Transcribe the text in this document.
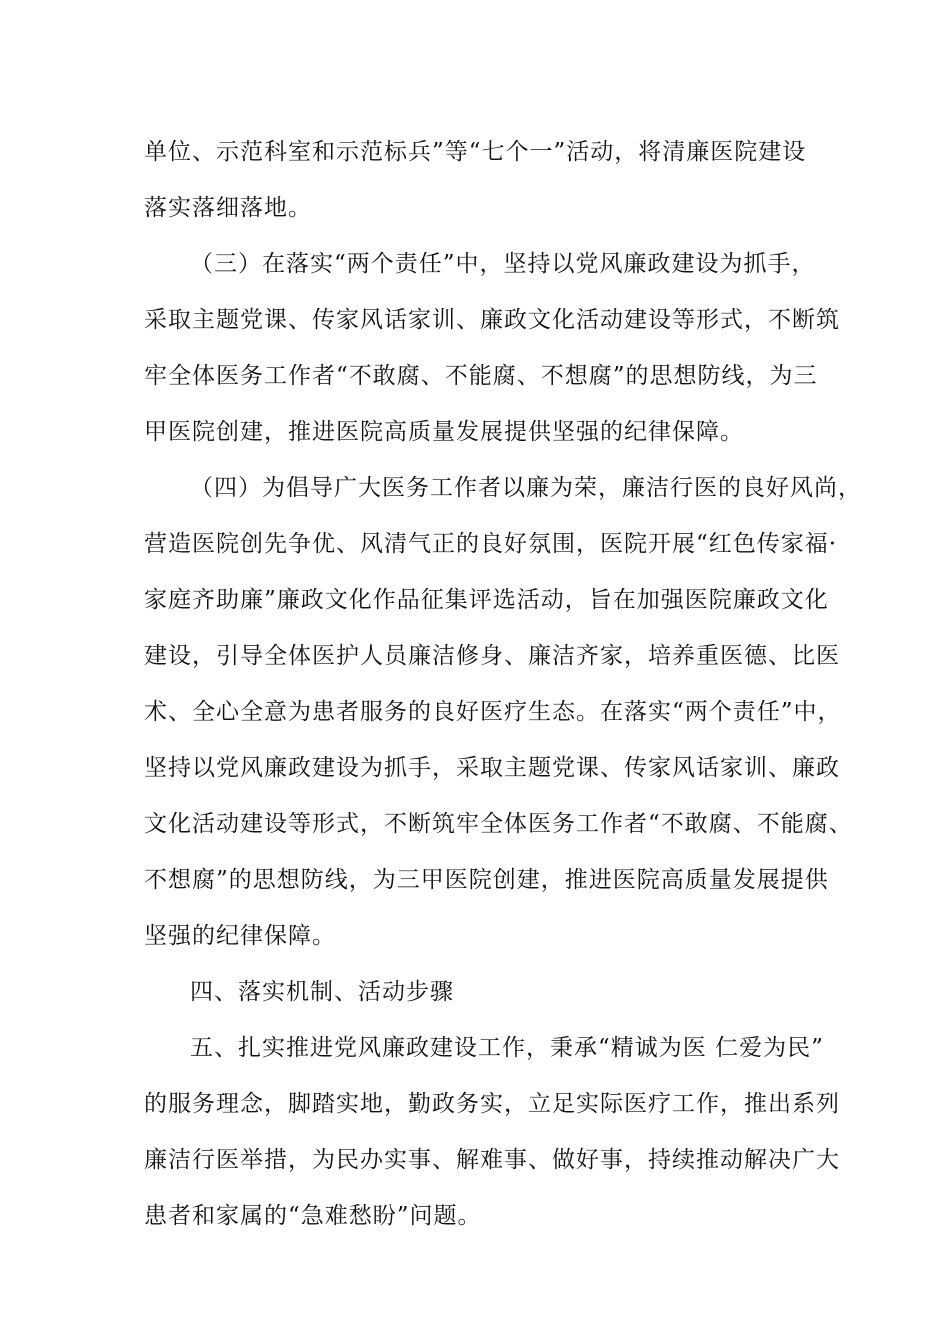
单位、示范科室和示范标兵”等“七个一”活动，将清廉医院建设
落实落细落地。
（三）在落实“两个责任”中，坚持以党风廉政建设为抓手，
采取主题党课、传家风话家训、廉政文化活动建设等形式，不断筑
牢全体医务工作者“不敢腐、不能腐、不想腐”的思想防线，为三
甲医院创建，推进医院高质量发展提供坚强的纪律保障。
（四）为倡导广大医务工作者以廉为荣，廉洁行医的良好风尚，
营造医院创先争优、风清气正的良好氛围，医院开展“红色传家福·
家庭齐助廉”廉政文化作品征集评选活动，旨在加强医院廉政文化
建设，引导全体医护人员廉洁修身、廉洁齐家，培养重医德、比医
术、全心全意为患者服务的良好医疗生态。在落实“两个责任”中，
坚持以党风廉政建设为抓手，采取主题党课、传家风话家训、廉政
文化活动建设等形式，不断筑牢全体医务工作者“不敢腐、不能腐、
不想腐”的思想防线，为三甲医院创建，推进医院高质量发展提供
坚强的纪律保障。
四、落实机制、活动步骤
五、扎实推进党风廉政建设工作，秉承“精诚为医 仁爱为民”
的服务理念，脚踏实地，勤政务实，立足实际医疗工作，推出系列
廉洁行医举措，为民办实事、解难事、做好事，持续推动解决广大
患者和家属的“急难愁盼”问题。
